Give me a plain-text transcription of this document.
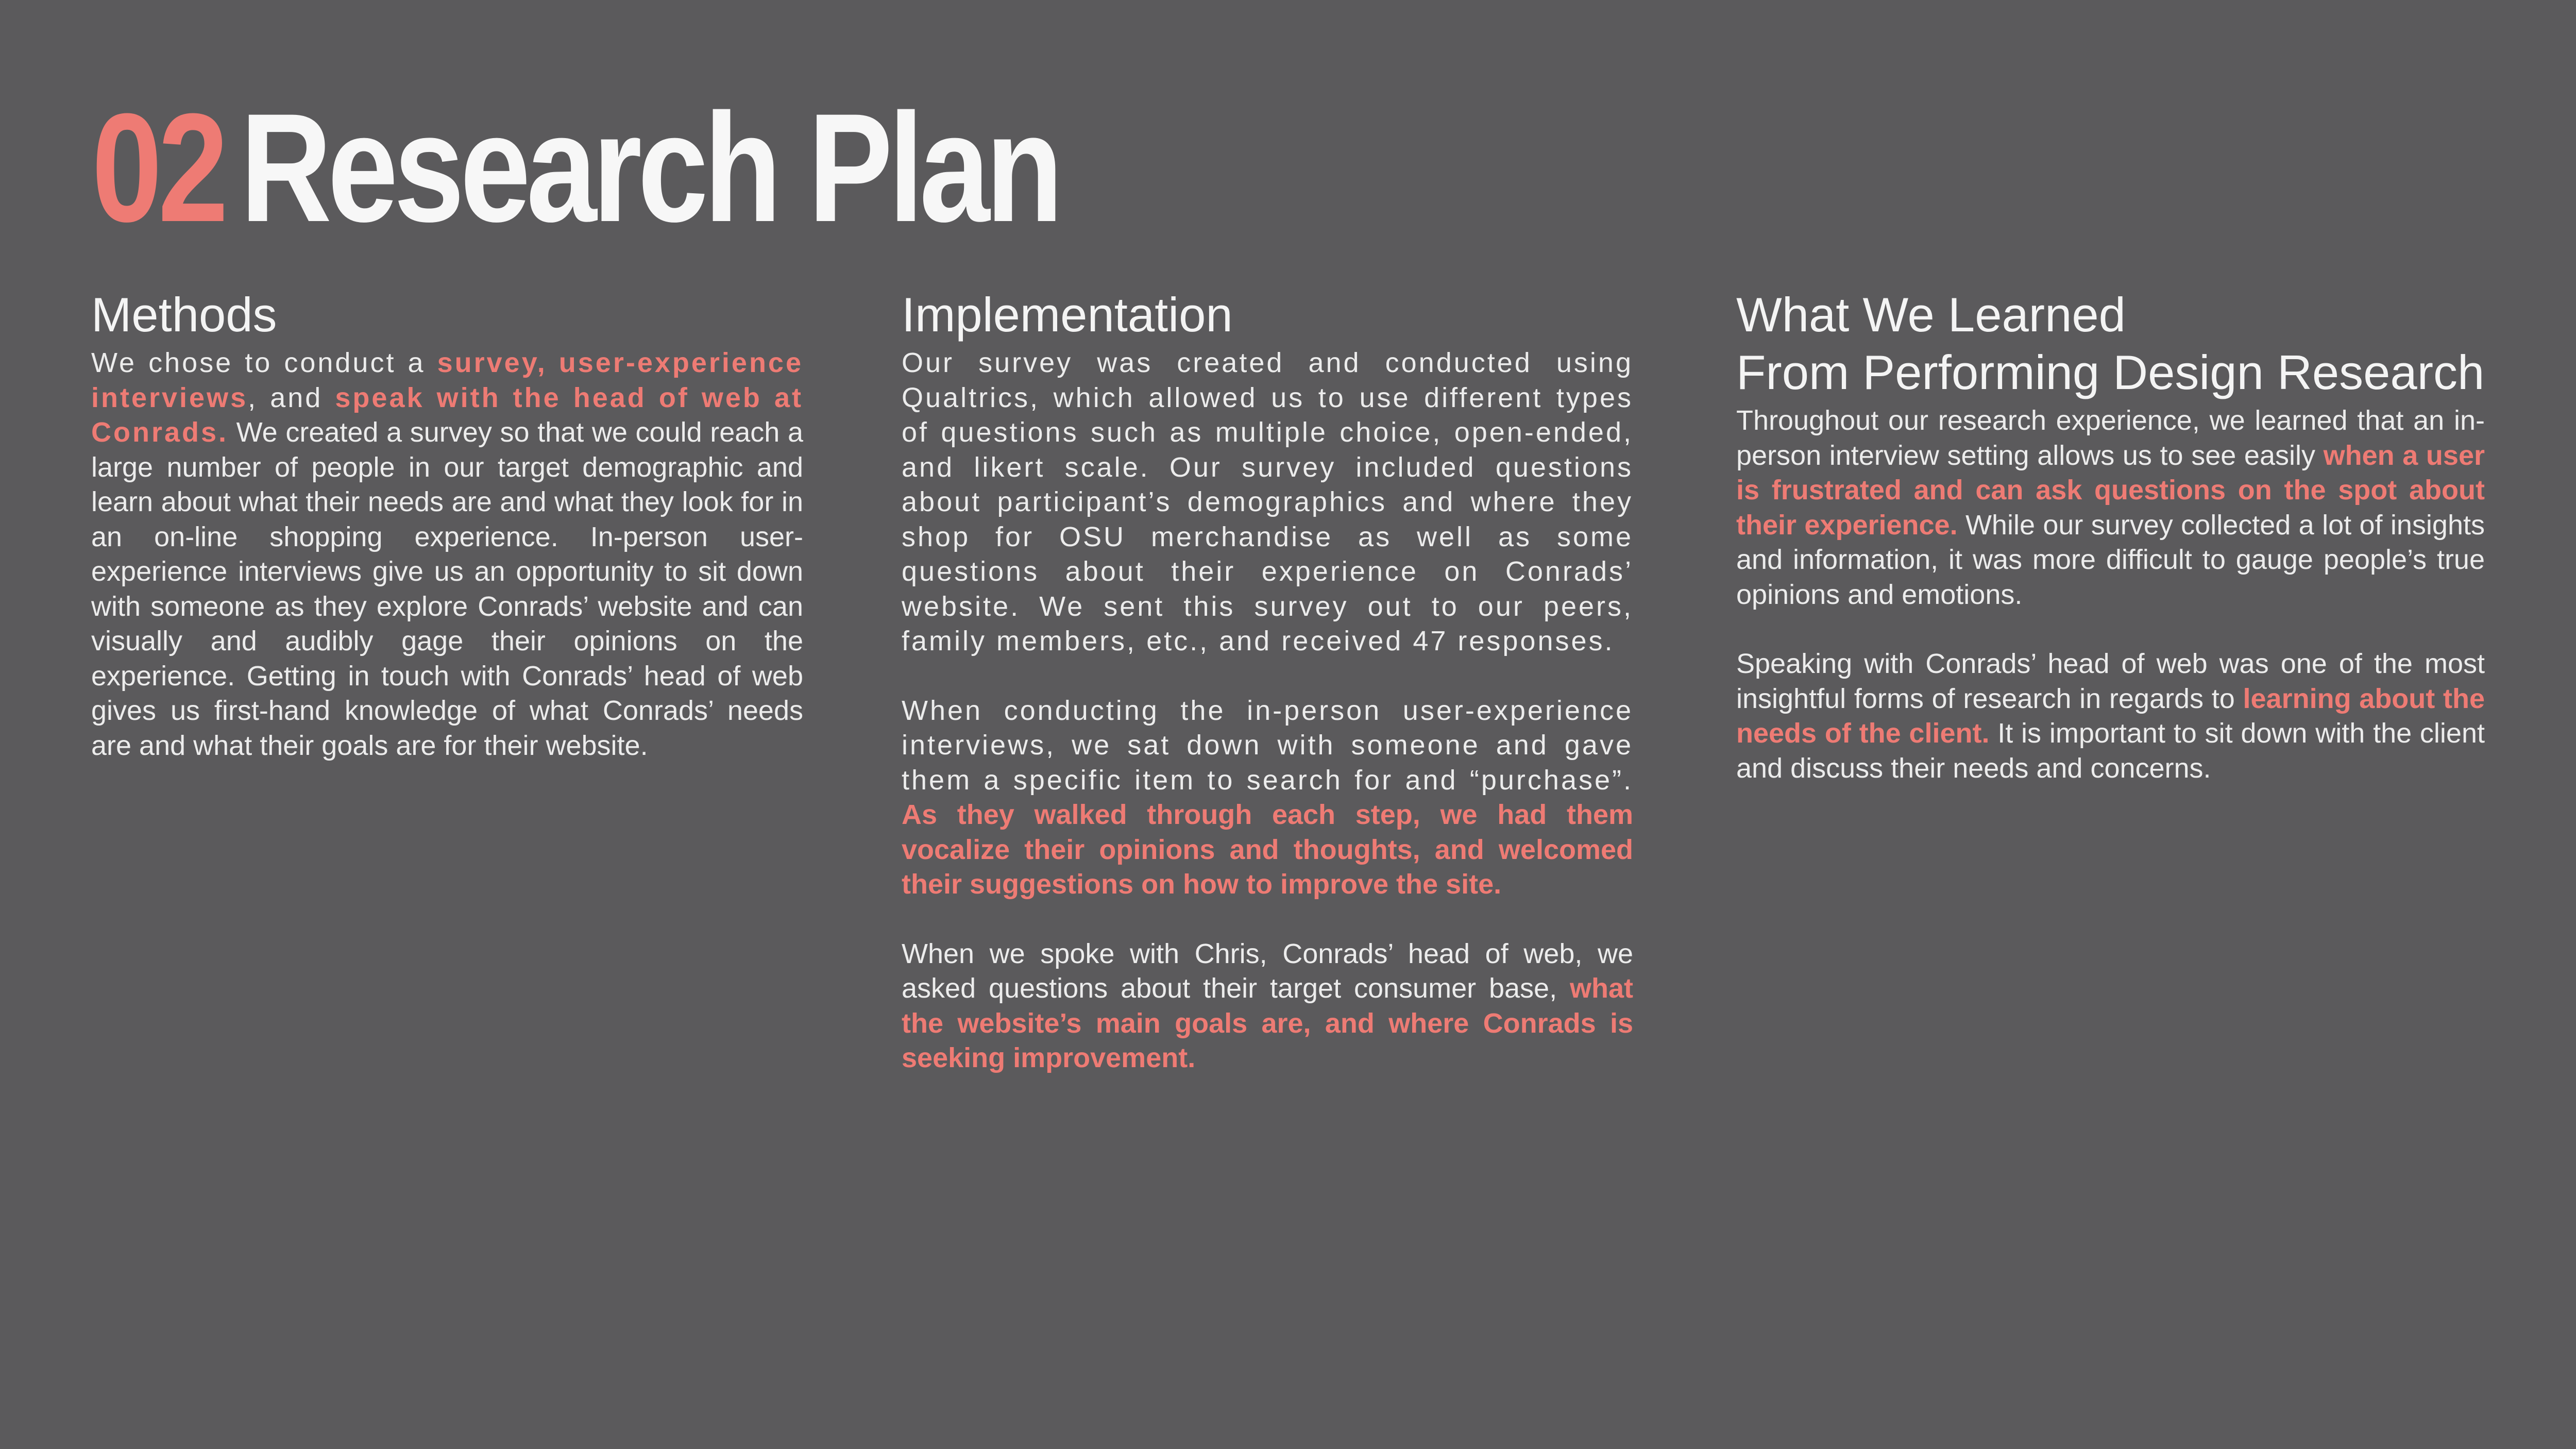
02 Research Plan
Methods

We chose to conduct a survey, user-experience interviews, and speak with the head of web at Conrads. We created a survey so that we could reach a large number of people in our target demographic and learn about what their needs are and what they look for in an on-line shopping experience. In-person user-experience interviews give us an opportunity to sit down with someone as they explore Conrads’ website and can visually and audibly gage their opinions on the experience. Getting in touch with Conrads’ head of web gives us first-hand knowledge of what Conrads’ needs are and what their goals are for their website.

Implementation

Our survey was created and conducted using Qualtrics, which allowed us to use different types of questions such as multiple choice, open-ended, and likert scale. Our survey included questions about participant’s demographics and where they shop for OSU merchandise as well as some questions about their experience on Conrads’ website. We sent this survey out to our peers, family members, etc., and received 47 responses.

When conducting the in-person user-experience interviews, we sat down with someone and gave them a specific item to search for and “purchase”. As they walked through each step, we had them vocalize their opinions and thoughts, and welcomed their suggestions on how to improve the site.

When we spoke with Chris, Conrads’ head of web, we asked questions about their target consumer base, what the website’s main goals are, and where Conrads is seeking improvement.

What We Learned
From Performing Design Research

Throughout our research experience, we learned that an in-person interview setting allows us to see easily when a user is frustrated and can ask questions on the spot about their experience. While our survey collected a lot of insights and information, it was more difficult to gauge people’s true opinions and emotions.

Speaking with Conrads’ head of web was one of the most insightful forms of research in regards to learning about the needs of the client. It is important to sit down with the client and discuss their needs and concerns.
